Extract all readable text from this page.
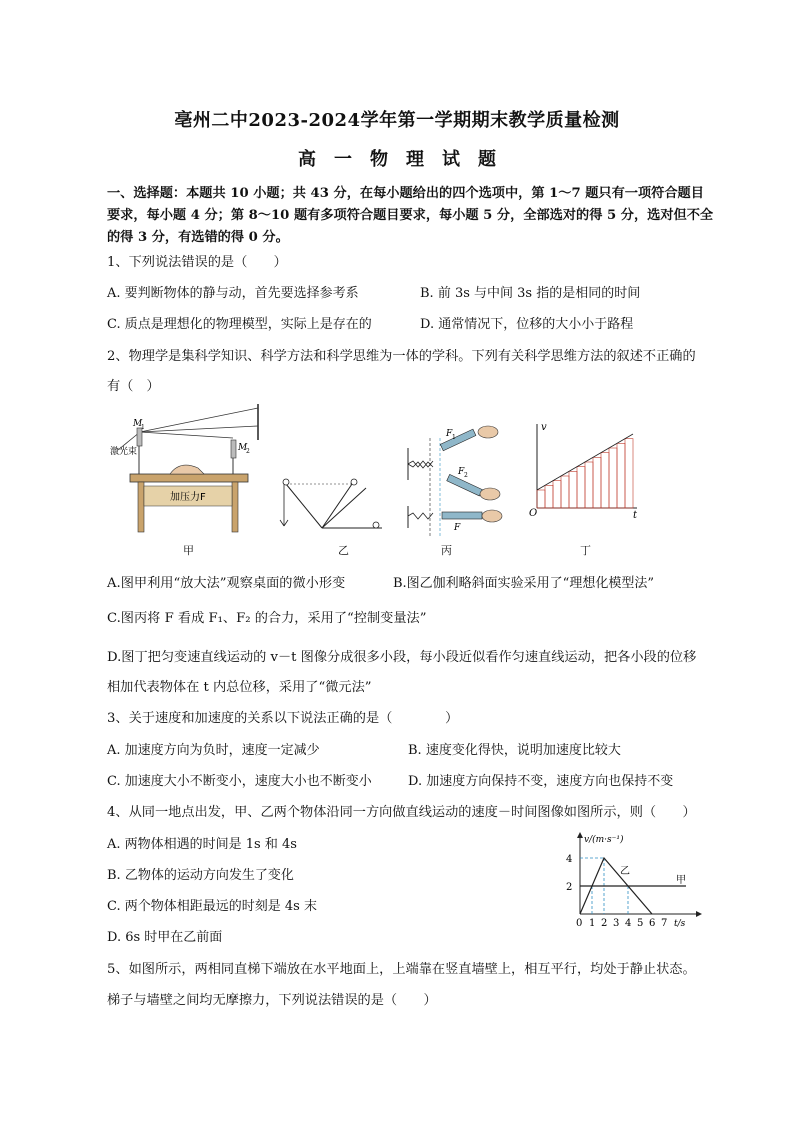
亳州二中2023-2024学年第一学期期末教学质量检测
高　一　物　理　试　题
一、选择题：本题共 10 小题；共 43 分，在每小题给出的四个选项中，第 1～7 题只有一项符合题目
要求，每小题 4 分；第 8～10 题有多项符合题目要求，每小题 5 分，全部选对的得 5 分，选对但不全
的得 3 分，有选错的得 0 分。
1、下列说法错误的是（　　）
A. 要判断物体的静与动，首先要选择参考系	B. 前 3s 与中间 3s 指的是相同的时间
C. 质点是理想化的物理模型，实际上是存在的	D. 通常情况下，位移的大小小于路程
2、物理学是集科学知识、科学方法和科学思维为一体的学科。下列有关科学思维方法的叙述不正确的
有（　）
加压力F
激光束
M
1
M
2
F 1
F 2
F
v
O	t
甲	乙	丙	丁
A.图甲利用“放大法”观察桌面的微小形变	B.图乙伽利略斜面实验采用了“理想化模型法”
C.图丙将 F 看成 F₁、F₂ 的合力，采用了“控制变量法”
D.图丁把匀变速直线运动的 v－t 图像分成很多小段，每小段近似看作匀速直线运动，把各小段的位移
相加代表物体在 t 内总位移，采用了“微元法”
3、关于速度和加速度的关系以下说法正确的是（　　　　）
A. 加速度方向为负时，速度一定减少	B. 速度变化得快，说明加速度比较大
C. 加速度大小不断变小，速度大小也不断变小	D. 加速度方向保持不变，速度方向也保持不变
4、从同一地点出发，甲、乙两个物体沿同一方向做直线运动的速度－时间图像如图所示，则（　　）
A. 两物体相遇的时间是 1s 和 4s
B. 乙物体的运动方向发生了变化
C. 两个物体相距最远的时刻是 4s 末
D. 6s 时甲在乙前面
v/(m·s⁻¹)
4
2
0 1 2 3 4 5 6 7 t/s
乙
甲
5、如图所示，两相同直梯下端放在水平地面上，上端靠在竖直墙壁上，相互平行，均处于静止状态。
梯子与墙壁之间均无摩擦力，下列说法错误的是（　　）
